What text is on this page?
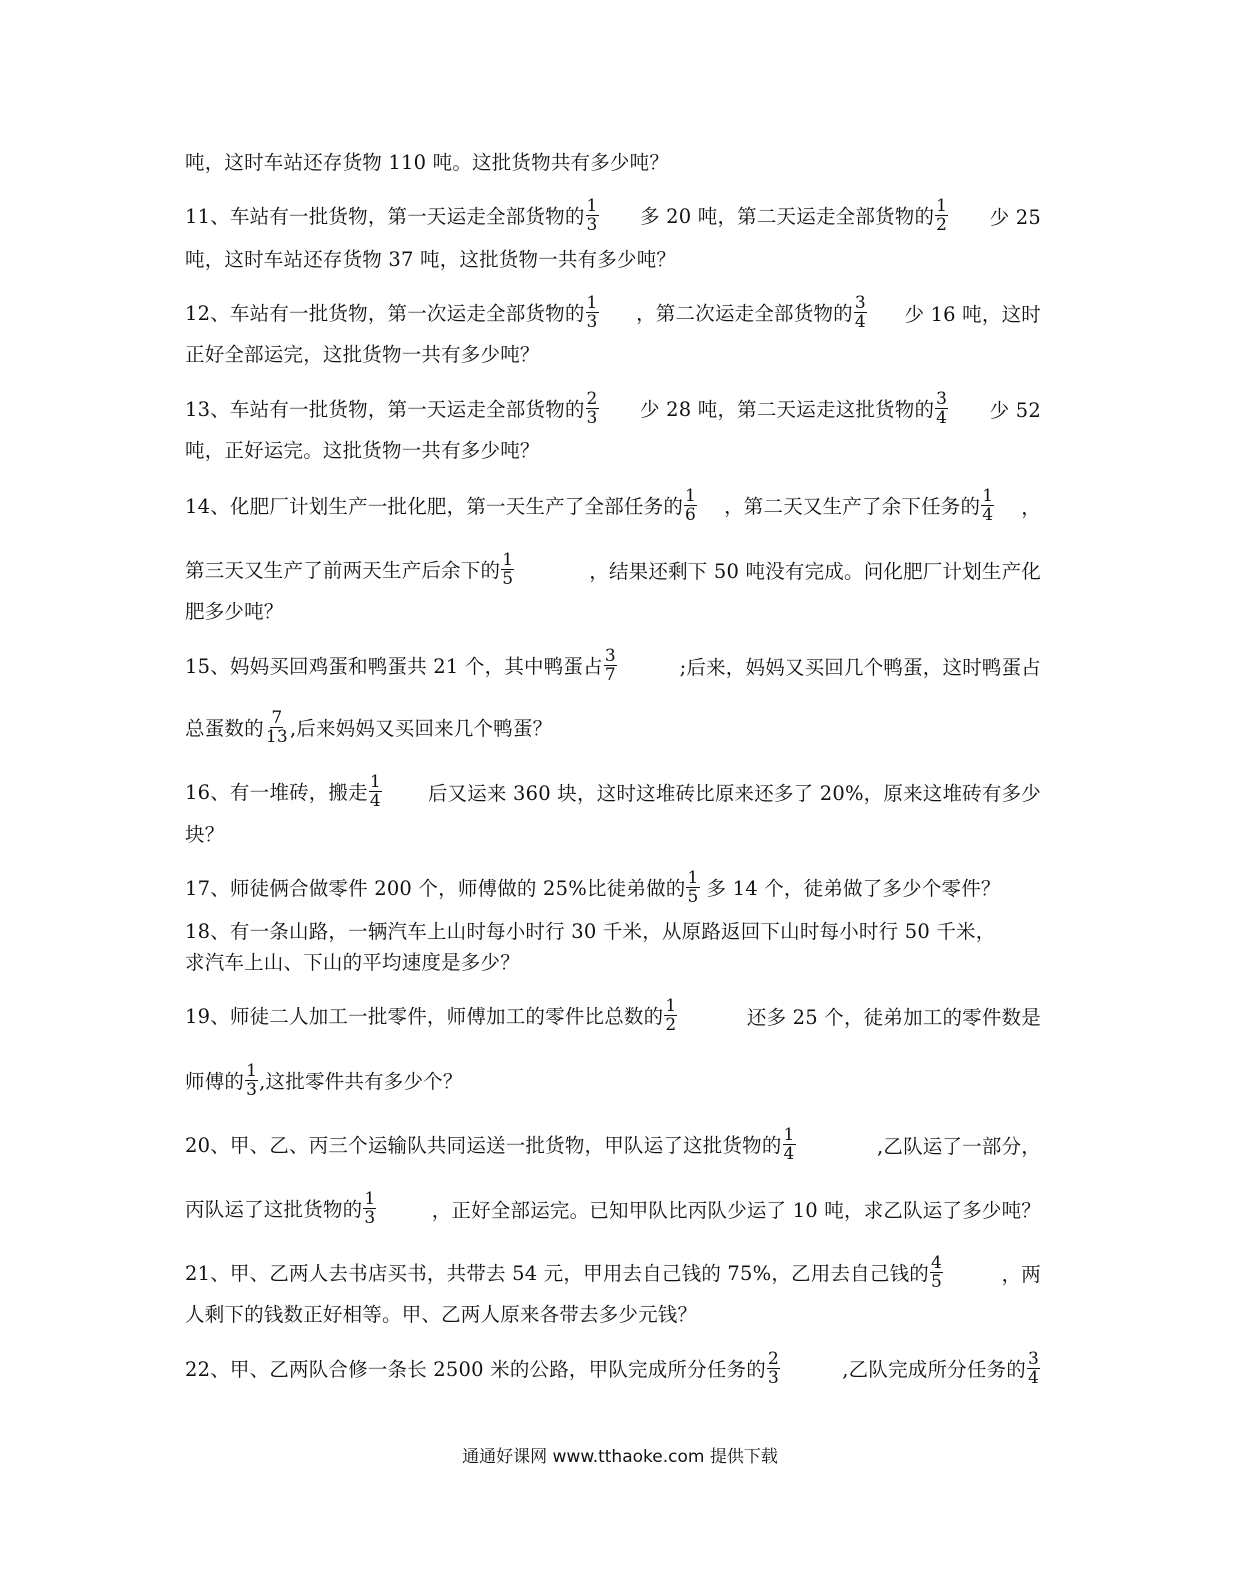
吨，这时车站还存货物 110 吨。这批货物共有多少吨？
11、车站有一批货物，第一天运走全部货物的 $\frac{1}{3}$ 多 20 吨，第二天运走全部货物的 $\frac{1}{2}$ 少 25
吨，这时车站还存货物 37 吨，这批货物一共有多少吨？
12、车站有一批货物，第一次运走全部货物的 $\frac{1}{3}$ ，第二次运走全部货物的 $\frac{3}{4}$ 少 16 吨，这时
正好全部运完，这批货物一共有多少吨？
13、车站有一批货物，第一天运走全部货物的 $\frac{2}{3}$ 少 28 吨，第二天运走这批货物的 $\frac{3}{4}$ 少 52
吨，正好运完。这批货物一共有多少吨？
14、化肥厂计划生产一批化肥，第一天生产了全部任务的 $\frac{1}{6}$ ，第二天又生产了余下任务的 $\frac{1}{4}$ ，
第三天又生产了前两天生产后余下的 $\frac{1}{5}$	，结果还剩下 50 吨没有完成。问化肥厂计划生产化
肥多少吨？
15、妈妈买回鸡蛋和鸭蛋共 21 个，其中鸭蛋占 $\frac{3}{7}$	;后来，妈妈又买回几个鸭蛋，这时鸭蛋占
总蛋数的 $\frac{7}{13}$ ,后来妈妈又买回来几个鸭蛋？
16、有一堆砖，搬走 $\frac{1}{4}$ 后又运来 360 块，这时这堆砖比原来还多了 20%，原来这堆砖有多少
块？
17、师徒俩合做零件 200 个，师傅做的 25%比徒弟做的 $\frac{1}{5}$ 多 14 个，徒弟做了多少个零件？
18、有一条山路，一辆汽车上山时每小时行 30 千米，从原路返回下山时每小时行 50 千米，
求汽车上山、下山的平均速度是多少？
19、师徒二人加工一批零件，师傅加工的零件比总数的 $\frac{1}{2}$	还多 25 个，徒弟加工的零件数是
师傅的 $\frac{1}{3}$ ,这批零件共有多少个？
20、甲、乙、丙三个运输队共同运送一批货物，甲队运了这批货物的 $\frac{1}{4}$	,乙队运了一部分，
丙队运了这批货物的 $\frac{1}{3}$	，正好全部运完。已知甲队比丙队少运了 10 吨，求乙队运了多少吨？
21、甲、乙两人去书店买书，共带去 54 元，甲用去自己钱的 75%，乙用去自己钱的 $\frac{4}{5}$	，两
人剩下的钱数正好相等。甲、乙两人原来各带去多少元钱？
22、甲、乙两队合修一条长 2500 米的公路，甲队完成所分任务的 $\frac{2}{3}$	,乙队完成所分任务的 $\frac{3}{4}$
通通好课网 www.tthaoke.com 提供下载
